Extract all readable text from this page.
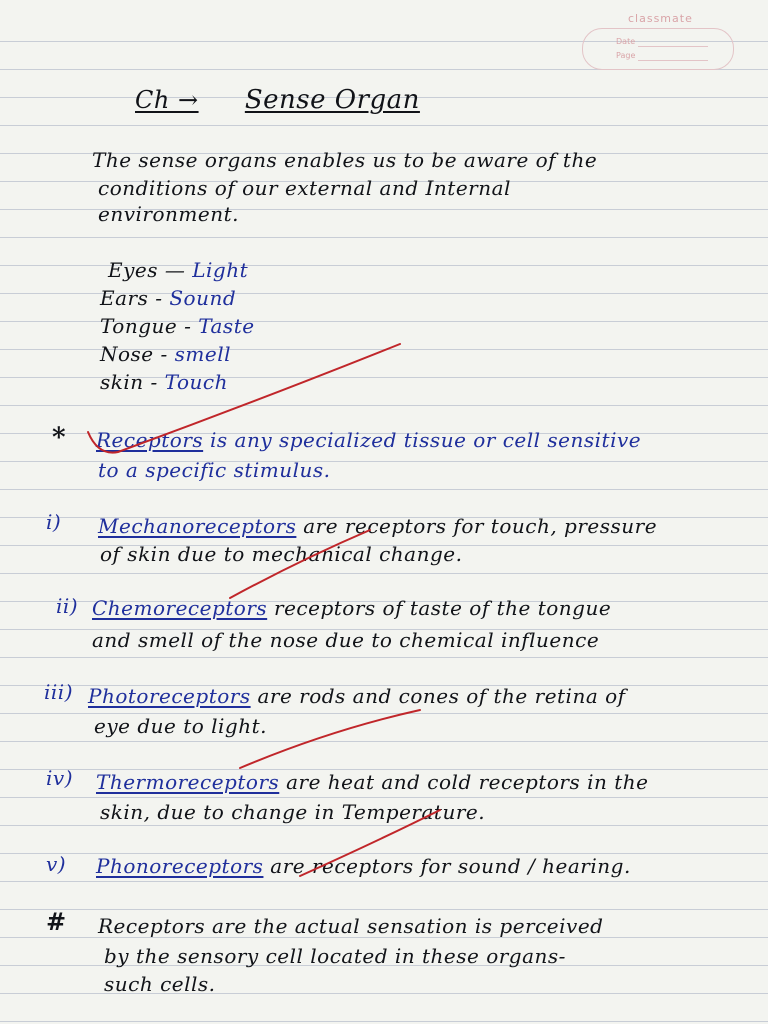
classmate
Date
Page
Ch → Sense Organ
The sense organs enables us to be aware of the
conditions of our external and Internal
environment.
Eyes — Light
Ears - Sound
Tongue - Taste
Nose - smell
skin - Touch
* Receptors is any specialized tissue or cell sensitive
to a specific stimulus.
i) Mechanoreceptors are receptors for touch, pressure
of skin due to mechanical change.
ii) Chemoreceptors receptors of taste of the tongue
and smell of the nose due to chemical influence
iii) Photoreceptors are rods and cones of the retina of
eye due to light.
iv) Thermoreceptors are heat and cold receptors in the
skin, due to change in Temperature.
v) Phonoreceptors are receptors for sound / hearing.
# Receptors are the actual sensation is perceived
by the sensory cell located in these organs-
such cells.
